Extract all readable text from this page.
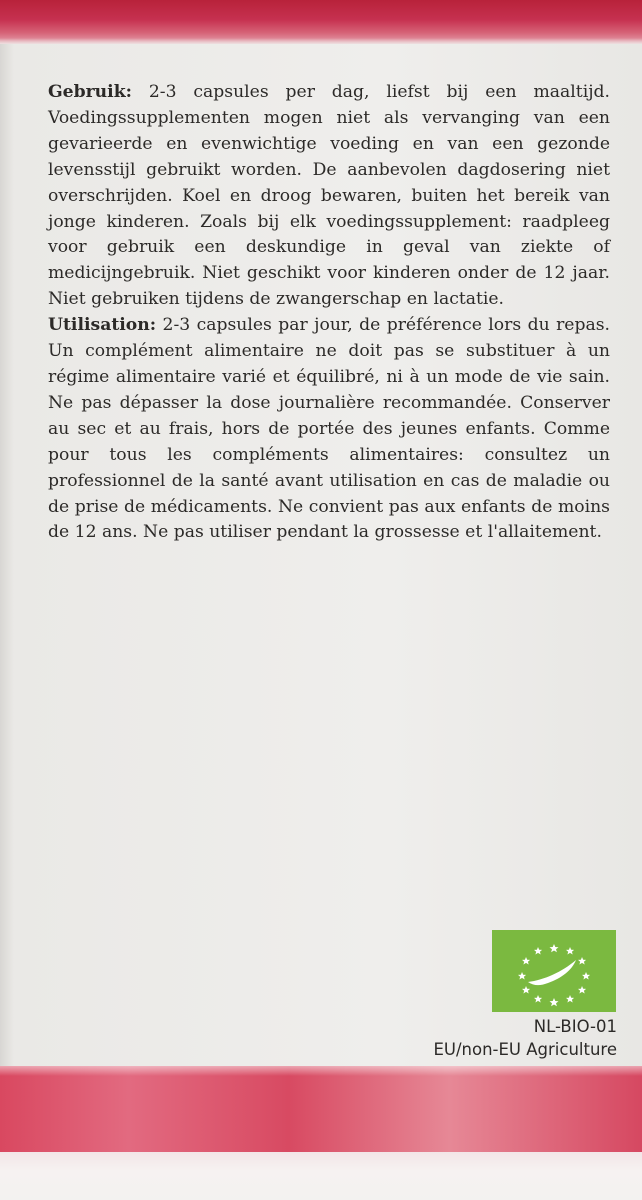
Gebruik: 2-3 capsules per dag, liefst bij een maaltijd. Voedingssupplementen mogen niet als vervanging van een gevarieerde en evenwichtige voeding en van een gezonde levensstijl gebruikt worden. De aanbevolen dagdosering niet overschrijden. Koel en droog bewaren, buiten het bereik van jonge kinderen. Zoals bij elk voedingssupplement: raadpleeg voor gebruik een deskundige in geval van ziekte of medicijngebruik. Niet geschikt voor kinderen onder de 12 jaar. Niet gebruiken tijdens de zwangerschap en lactatie.

Utilisation: 2-3 capsules par jour, de préférence lors du repas. Un complément alimentaire ne doit pas se substituer à un régime alimentaire varié et équilibré, ni à un mode de vie sain. Ne pas dépasser la dose journalière recommandée. Conserver au sec et au frais, hors de portée des jeunes enfants. Comme pour tous les compléments alimentaires: consultez un professionnel de la santé avant utilisation en cas de maladie ou de prise de médicaments. Ne convient pas aux enfants de moins de 12 ans. Ne pas utiliser pendant la grossesse et l'allaitement.

NL-BIO-01
EU/non-EU Agriculture
